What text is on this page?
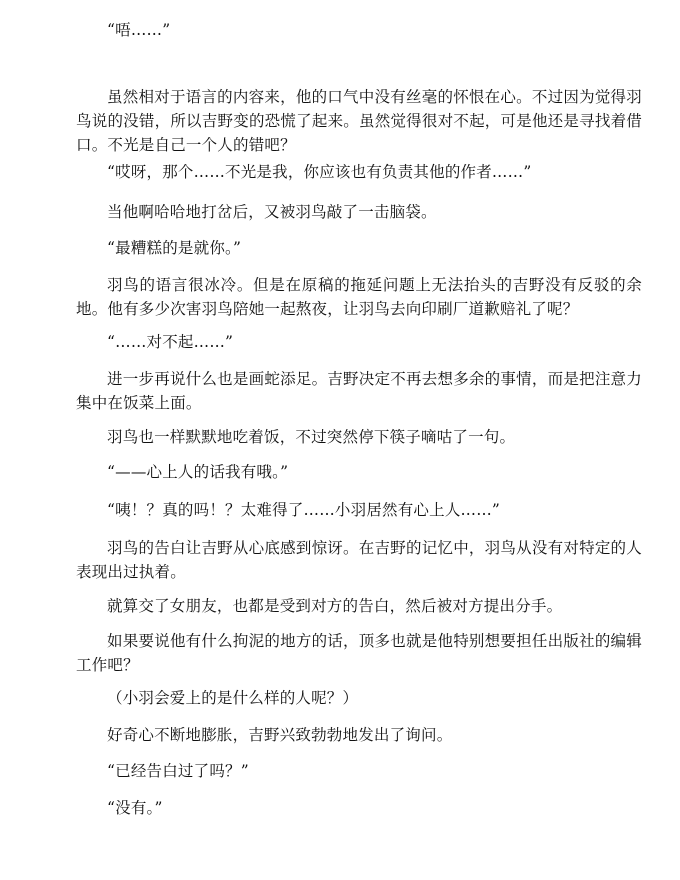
“唔……”

虽然相对于语言的内容来，他的口气中没有丝毫的怀恨在心。不过因为觉得羽鸟说的没错，所以吉野变的恐慌了起来。虽然觉得很对不起，可是他还是寻找着借口。不光是自己一个人的错吧？

“哎呀，那个……不光是我，你应该也有负责其他的作者……”

当他啊哈哈地打岔后，又被羽鸟敲了一击脑袋。

“最糟糕的是就你。”

羽鸟的语言很冰冷。但是在原稿的拖延问题上无法抬头的吉野没有反驳的余地。他有多少次害羽鸟陪她一起熬夜，让羽鸟去向印刷厂道歉赔礼了呢？

“……对不起……”

进一步再说什么也是画蛇添足。吉野决定不再去想多余的事情，而是把注意力集中在饭菜上面。

羽鸟也一样默默地吃着饭，不过突然停下筷子嘀咕了一句。

“——心上人的话我有哦。”

“咦！？真的吗！？太难得了……小羽居然有心上人……”

羽鸟的告白让吉野从心底感到惊讶。在吉野的记忆中，羽鸟从没有对特定的人表现出过执着。

就算交了女朋友，也都是受到对方的告白，然后被对方提出分手。

如果要说他有什么拘泥的地方的话，顶多也就是他特别想要担任出版社的编辑工作吧？

（小羽会爱上的是什么样的人呢？）

好奇心不断地膨胀，吉野兴致勃勃地发出了询问。

“已经告白过了吗？”

“没有。”
